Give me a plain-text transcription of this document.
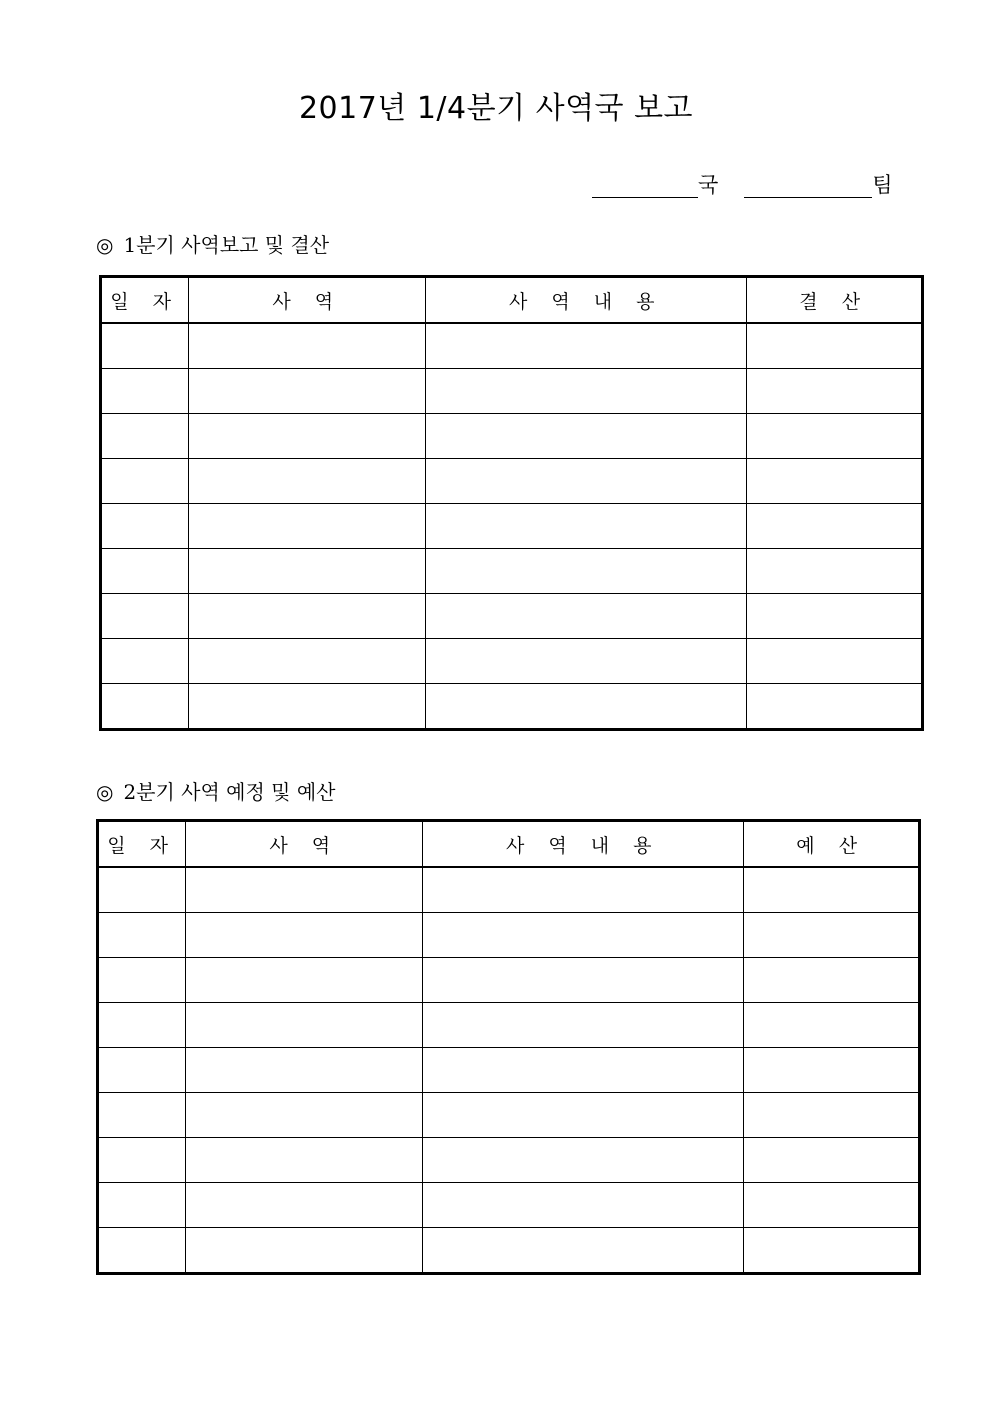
2017년 1/4분기 사역국 보고
국	팀
◎ 1분기 사역보고 및 결산
일 자	사 역	사 역 내 용	결 산

◎ 2분기 사역 예정 및 예산
일 자	사 역	사 역 내 용	예 산
